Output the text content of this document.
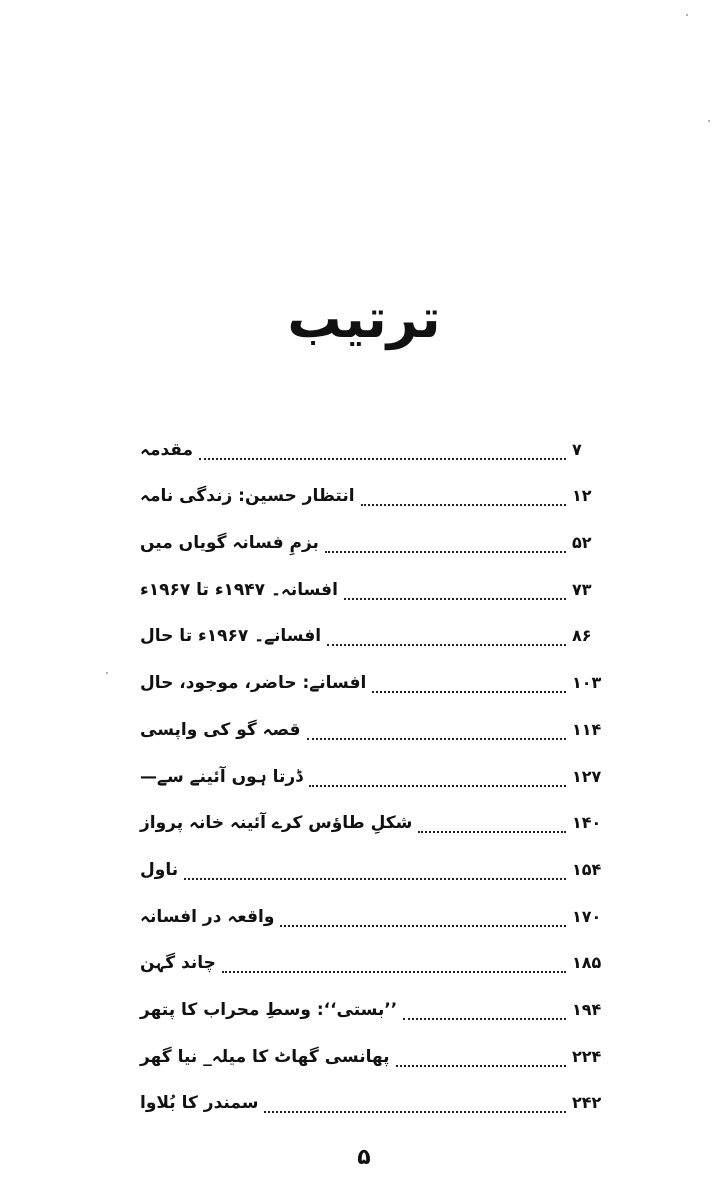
ترتیب
مقدمہ	۷
انتظار حسین: زندگی نامہ	۱۲
بزمِ فسانہ گویاں میں	۵۲
افسانہ۔ ۱۹۴۷ء تا ۱۹۶۷ء	۷۳
افسانے۔ ۱۹۶۷ء تا حال	۸۶
افسانے: حاضر، موجود، حال	۱۰۳
قصہ گو کی واپسی	۱۱۴
ڈرتا ہوں آئینے سے—	۱۲۷
شکلِ طاؤس کرے آئینہ خانہ پرواز	۱۴۰
ناول	۱۵۴
واقعہ در افسانہ	۱۷۰
چاند گہن	۱۸۵
’’بستی‘‘: وسطِ محراب کا پتھر	۱۹۴
پھانسی گھاٹ کا میلہ_ نیا گھر	۲۲۴
سمندر کا بُلاوا	۲۴۲
۵
